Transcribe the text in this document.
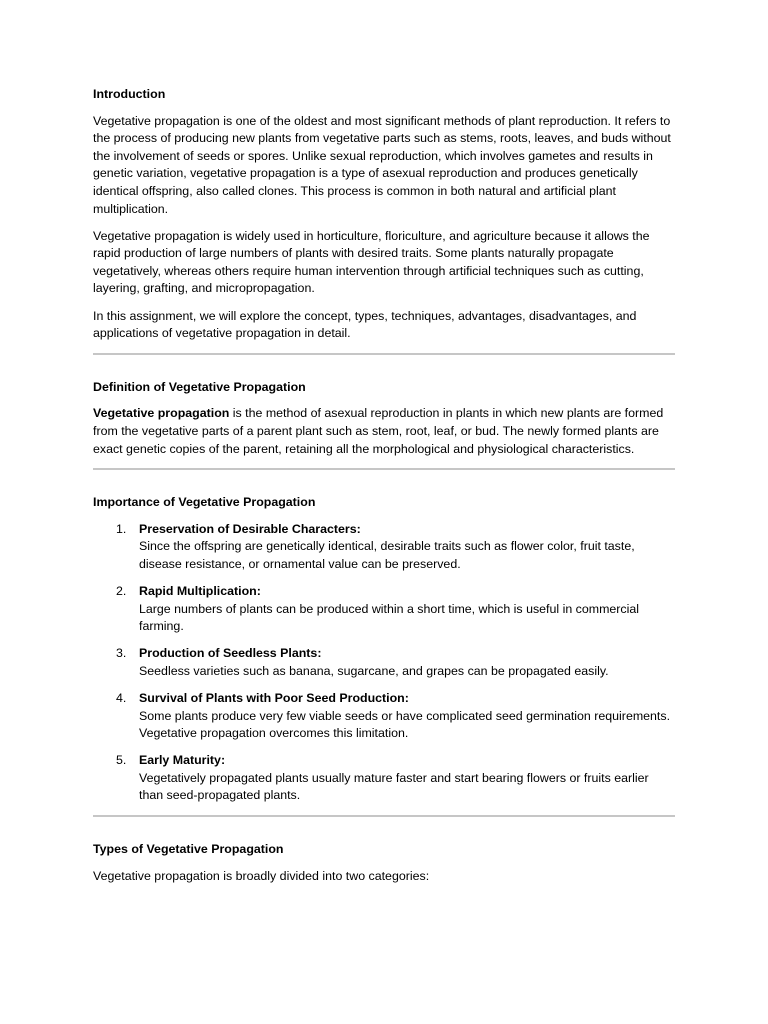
Introduction

Vegetative propagation is one of the oldest and most significant methods of plant reproduction. It refers to the process of producing new plants from vegetative parts such as stems, roots, leaves, and buds without the involvement of seeds or spores. Unlike sexual reproduction, which involves gametes and results in genetic variation, vegetative propagation is a type of asexual reproduction and produces genetically identical offspring, also called clones. This process is common in both natural and artificial plant multiplication.

Vegetative propagation is widely used in horticulture, floriculture, and agriculture because it allows the rapid production of large numbers of plants with desired traits. Some plants naturally propagate vegetatively, whereas others require human intervention through artificial techniques such as cutting, layering, grafting, and micropropagation.

In this assignment, we will explore the concept, types, techniques, advantages, disadvantages, and applications of vegetative propagation in detail.

Definition of Vegetative Propagation

Vegetative propagation is the method of asexual reproduction in plants in which new plants are formed from the vegetative parts of a parent plant such as stem, root, leaf, or bud. The newly formed plants are exact genetic copies of the parent, retaining all the morphological and physiological characteristics.

Importance of Vegetative Propagation
1.	Preservation of Desirable Characters:
Since the offspring are genetically identical, desirable traits such as flower color, fruit taste, disease resistance, or ornamental value can be preserved.
2.	Rapid Multiplication:
Large numbers of plants can be produced within a short time, which is useful in commercial farming.
3.	Production of Seedless Plants:
Seedless varieties such as banana, sugarcane, and grapes can be propagated easily.
4.	Survival of Plants with Poor Seed Production:
Some plants produce very few viable seeds or have complicated seed germination requirements. Vegetative propagation overcomes this limitation.
5.	Early Maturity:
Vegetatively propagated plants usually mature faster and start bearing flowers or fruits earlier than seed-propagated plants.
Types of Vegetative Propagation

Vegetative propagation is broadly divided into two categories:
